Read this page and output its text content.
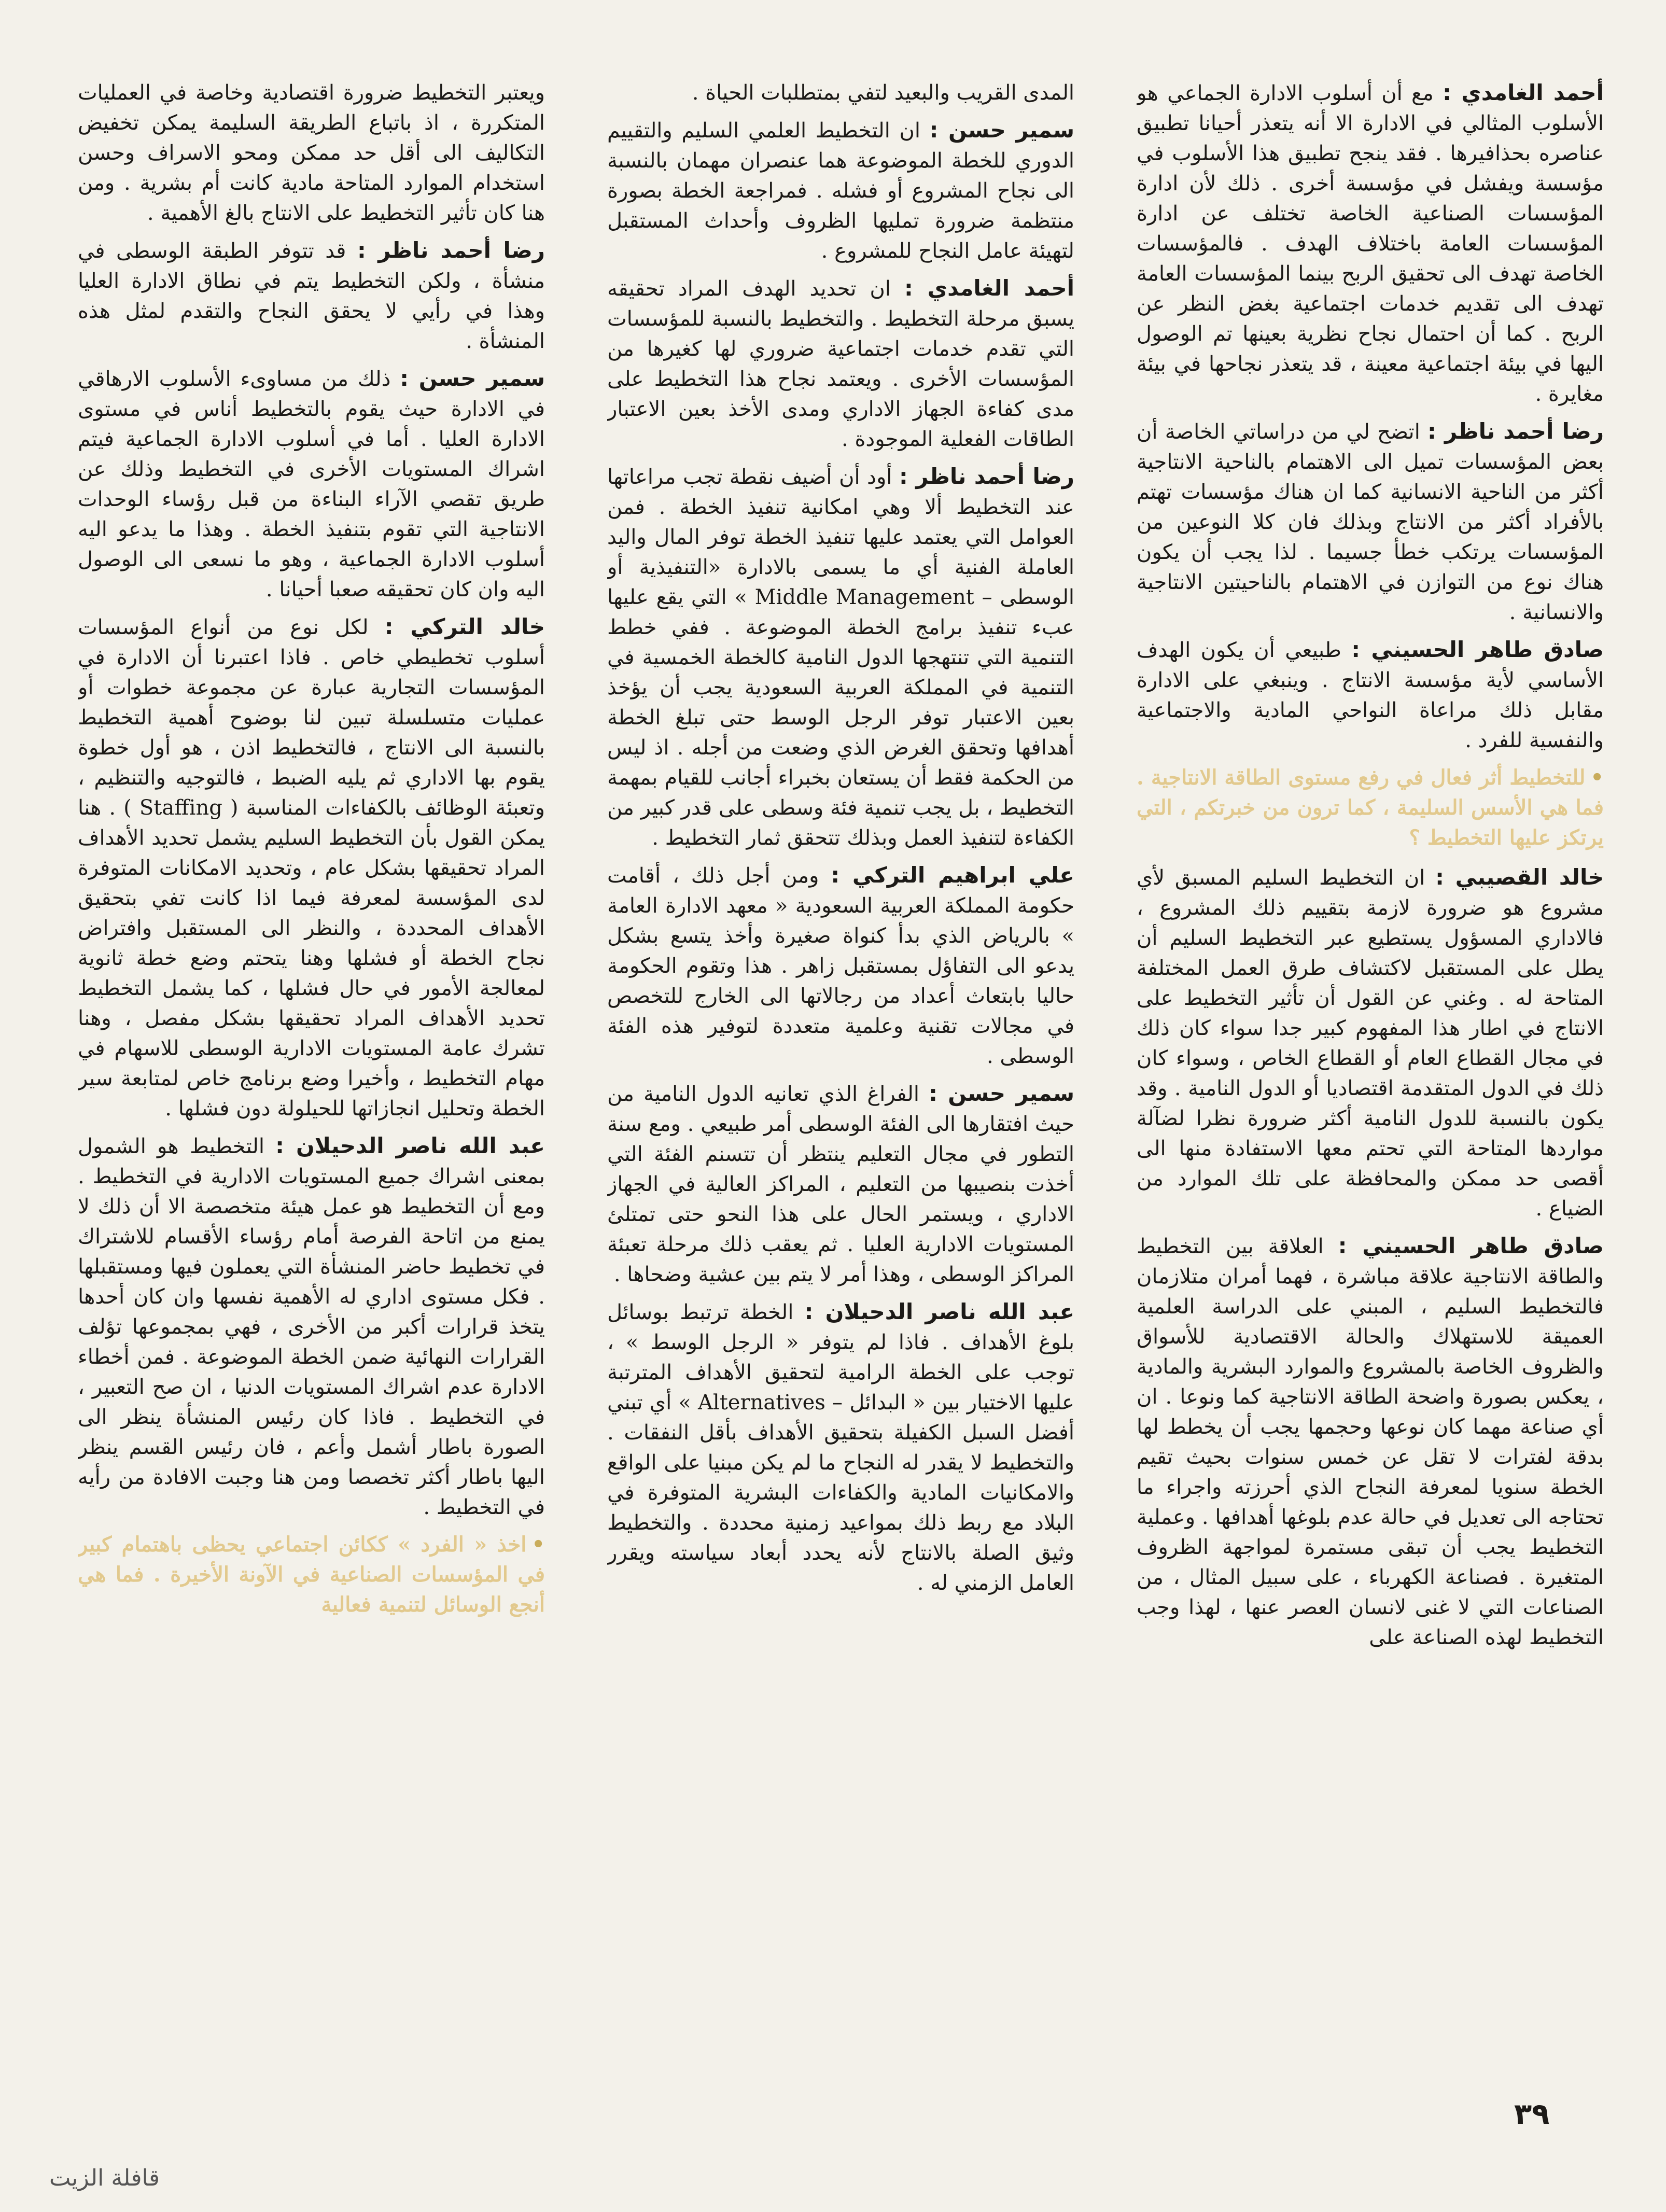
أحمد الغامدي : مع أن أسلوب الادارة الجماعي هو الأسلوب المثالي في الادارة الا أنه يتعذر أحيانا تطبيق عناصره بحذافيرها . فقد ينجح تطبيق هذا الأسلوب في مؤسسة ويفشل في مؤسسة أخرى . ذلك لأن ادارة المؤسسات الصناعية الخاصة تختلف عن ادارة المؤسسات العامة باختلاف الهدف . فالمؤسسات الخاصة تهدف الى تحقيق الربح بينما المؤسسات العامة تهدف الى تقديم خدمات اجتماعية بغض النظر عن الربح . كما أن احتمال نجاح نظرية بعينها تم الوصول اليها في بيئة اجتماعية معينة ، قد يتعذر نجاحها في بيئة مغايرة .
رضا أحمد ناظر : اتضح لي من دراساتي الخاصة أن بعض المؤسسات تميل الى الاهتمام بالناحية الانتاجية أكثر من الناحية الانسانية كما ان هناك مؤسسات تهتم بالأفراد أكثر من الانتاج وبذلك فان كلا النوعين من المؤسسات يرتكب خطأ جسيما . لذا يجب أن يكون هناك نوع من التوازن في الاهتمام بالناحيتين الانتاجية والانسانية .
صادق طاهر الحسيني : طبيعي أن يكون الهدف الأساسي لأية مؤسسة الانتاج . وينبغي على الادارة مقابل ذلك مراعاة النواحي المادية والاجتماعية والنفسية للفرد .
•للتخطيط أثر فعال في رفع مستوى الطاقة الانتاجية . فما هي الأسس السليمة ، كما ترون من خبرتكم ، التي يرتكز عليها التخطيط ؟
خالد القصيبي : ان التخطيط السليم المسبق لأي مشروع هو ضرورة لازمة بتقييم ذلك المشروع ، فالاداري المسؤول يستطيع عبر التخطيط السليم أن يطل على المستقبل لاكتشاف طرق العمل المختلفة المتاحة له . وغني عن القول أن تأثير التخطيط على الانتاج في اطار هذا المفهوم كبير جدا سواء كان ذلك في مجال القطاع العام أو القطاع الخاص ، وسواء كان ذلك في الدول المتقدمة اقتصاديا أو الدول النامية . وقد يكون بالنسبة للدول النامية أكثر ضرورة نظرا لضآلة مواردها المتاحة التي تحتم معها الاستفادة منها الى أقصى حد ممكن والمحافظة على تلك الموارد من الضياع .
صادق طاهر الحسيني : العلاقة بين التخطيط والطاقة الانتاجية علاقة مباشرة ، فهما أمران متلازمان فالتخطيط السليم ، المبني على الدراسة العلمية العميقة للاستهلاك والحالة الاقتصادية للأسواق والظروف الخاصة بالمشروع والموارد البشرية والمادية ، يعكس بصورة واضحة الطاقة الانتاجية كما ونوعا . ان أي صناعة مهما كان نوعها وحجمها يجب أن يخطط لها بدقة لفترات لا تقل عن خمس سنوات بحيث تقيم الخطة سنويا لمعرفة النجاح الذي أحرزته واجراء ما تحتاجه الى تعديل في حالة عدم بلوغها أهدافها . وعملية التخطيط يجب أن تبقى مستمرة لمواجهة الظروف المتغيرة . فصناعة الكهرباء ، على سبيل المثال ، من الصناعات التي لا غنى لانسان العصر عنها ، لهذا وجب التخطيط لهذه الصناعة على
المدى القريب والبعيد لتفي بمتطلبات الحياة .
سمير حسن : ان التخطيط العلمي السليم والتقييم الدوري للخطة الموضوعة هما عنصران مهمان بالنسبة الى نجاح المشروع أو فشله . فمراجعة الخطة بصورة منتظمة ضرورة تمليها الظروف وأحداث المستقبل لتهيئة عامل النجاح للمشروع .
أحمد الغامدي : ان تحديد الهدف المراد تحقيقه يسبق مرحلة التخطيط . والتخطيط بالنسبة للمؤسسات التي تقدم خدمات اجتماعية ضروري لها كغيرها من المؤسسات الأخرى . ويعتمد نجاح هذا التخطيط على مدى كفاءة الجهاز الاداري ومدى الأخذ بعين الاعتبار الطاقات الفعلية الموجودة .
رضا أحمد ناظر : أود أن أضيف نقطة تجب مراعاتها عند التخطيط ألا وهي امكانية تنفيذ الخطة . فمن العوامل التي يعتمد عليها تنفيذ الخطة توفر المال واليد العاملة الفنية أي ما يسمى بالادارة «التنفيذية أو الوسطى – Middle Management » التي يقع عليها عبء تنفيذ برامج الخطة الموضوعة . ففي خطط التنمية التي تنتهجها الدول النامية كالخطة الخمسية في التنمية في المملكة العربية السعودية يجب أن يؤخذ بعين الاعتبار توفر الرجل الوسط حتى تبلغ الخطة أهدافها وتحقق الغرض الذي وضعت من أجله . اذ ليس من الحكمة فقط أن يستعان بخبراء أجانب للقيام بمهمة التخطيط ، بل يجب تنمية فئة وسطى على قدر كبير من الكفاءة لتنفيذ العمل وبذلك تتحقق ثمار التخطيط .
علي ابراهيم التركي : ومن أجل ذلك ، أقامت حكومة المملكة العربية السعودية « معهد الادارة العامة » بالرياض الذي بدأ كنواة صغيرة وأخذ يتسع بشكل يدعو الى التفاؤل بمستقبل زاهر . هذا وتقوم الحكومة حاليا بابتعاث أعداد من رجالاتها الى الخارج للتخصص في مجالات تقنية وعلمية متعددة لتوفير هذه الفئة الوسطى .
سمير حسن : الفراغ الذي تعانيه الدول النامية من حيث افتقارها الى الفئة الوسطى أمر طبيعي . ومع سنة التطور في مجال التعليم ينتظر أن تتسنم الفئة التي أخذت بنصيبها من التعليم ، المراكز العالية في الجهاز الاداري ، ويستمر الحال على هذا النحو حتى تمتلئ المستويات الادارية العليا . ثم يعقب ذلك مرحلة تعبئة المراكز الوسطى ، وهذا أمر لا يتم بين عشية وضحاها .
عبد الله ناصر الدحيلان : الخطة ترتبط بوسائل بلوغ الأهداف . فاذا لم يتوفر « الرجل الوسط » ، توجب على الخطة الرامية لتحقيق الأهداف المترتبة عليها الاختيار بين « البدائل – Alternatives » أي تبني أفضل السبل الكفيلة بتحقيق الأهداف بأقل النفقات . والتخطيط لا يقدر له النجاح ما لم يكن مبنيا على الواقع والامكانيات المادية والكفاءات البشرية المتوفرة في البلاد مع ربط ذلك بمواعيد زمنية محددة . والتخطيط وثيق الصلة بالانتاج لأنه يحدد أبعاد سياسته ويقرر العامل الزمني له .
ويعتبر التخطيط ضرورة اقتصادية وخاصة في العمليات المتكررة ، اذ باتباع الطريقة السليمة يمكن تخفيض التكاليف الى أقل حد ممكن ومحو الاسراف وحسن استخدام الموارد المتاحة مادية كانت أم بشرية . ومن هنا كان تأثير التخطيط على الانتاج بالغ الأهمية .
رضا أحمد ناظر : قد تتوفر الطبقة الوسطى في منشأة ، ولكن التخطيط يتم في نطاق الادارة العليا وهذا في رأيي لا يحقق النجاح والتقدم لمثل هذه المنشأة .
سمير حسن : ذلك من مساوىء الأسلوب الارهاقي في الادارة حيث يقوم بالتخطيط أناس في مستوى الادارة العليا . أما في أسلوب الادارة الجماعية فيتم اشراك المستويات الأخرى في التخطيط وذلك عن طريق تقصي الآراء البناءة من قبل رؤساء الوحدات الانتاجية التي تقوم بتنفيذ الخطة . وهذا ما يدعو اليه أسلوب الادارة الجماعية ، وهو ما نسعى الى الوصول اليه وان كان تحقيقه صعبا أحيانا .
خالد التركي : لكل نوع من أنواع المؤسسات أسلوب تخطيطي خاص . فاذا اعتبرنا أن الادارة في المؤسسات التجارية عبارة عن مجموعة خطوات أو عمليات متسلسلة تبين لنا بوضوح أهمية التخطيط بالنسبة الى الانتاج ، فالتخطيط اذن ، هو أول خطوة يقوم بها الاداري ثم يليه الضبط ، فالتوجيه والتنظيم ، وتعبئة الوظائف بالكفاءات المناسبة ( Staffing ) . هنا يمكن القول بأن التخطيط السليم يشمل تحديد الأهداف المراد تحقيقها بشكل عام ، وتحديد الامكانات المتوفرة لدى المؤسسة لمعرفة فيما اذا كانت تفي بتحقيق الأهداف المحددة ، والنظر الى المستقبل وافتراض نجاح الخطة أو فشلها وهنا يتحتم وضع خطة ثانوية لمعالجة الأمور في حال فشلها ، كما يشمل التخطيط تحديد الأهداف المراد تحقيقها بشكل مفصل ، وهنا تشرك عامة المستويات الادارية الوسطى للاسهام في مهام التخطيط ، وأخيرا وضع برنامج خاص لمتابعة سير الخطة وتحليل انجازاتها للحيلولة دون فشلها .
عبد الله ناصر الدحيلان : التخطيط هو الشمول بمعنى اشراك جميع المستويات الادارية في التخطيط . ومع أن التخطيط هو عمل هيئة متخصصة الا أن ذلك لا يمنع من اتاحة الفرصة أمام رؤساء الأقسام للاشتراك في تخطيط حاضر المنشأة التي يعملون فيها ومستقبلها . فكل مستوى اداري له الأهمية نفسها وان كان أحدها يتخذ قرارات أكبر من الأخرى ، فهي بمجموعها تؤلف القرارات النهائية ضمن الخطة الموضوعة . فمن أخطاء الادارة عدم اشراك المستويات الدنيا ، ان صح التعبير ، في التخطيط . فاذا كان رئيس المنشأة ينظر الى الصورة باطار أشمل وأعم ، فان رئيس القسم ينظر اليها باطار أكثر تخصصا ومن هنا وجبت الافادة من رأيه في التخطيط .
•اخذ « الفرد » ككائن اجتماعي يحظى باهتمام كبير في المؤسسات الصناعية في الآونة الأخيرة . فما هي أنجع الوسائل لتنمية فعالية
٣٩
قافلة الزيت
